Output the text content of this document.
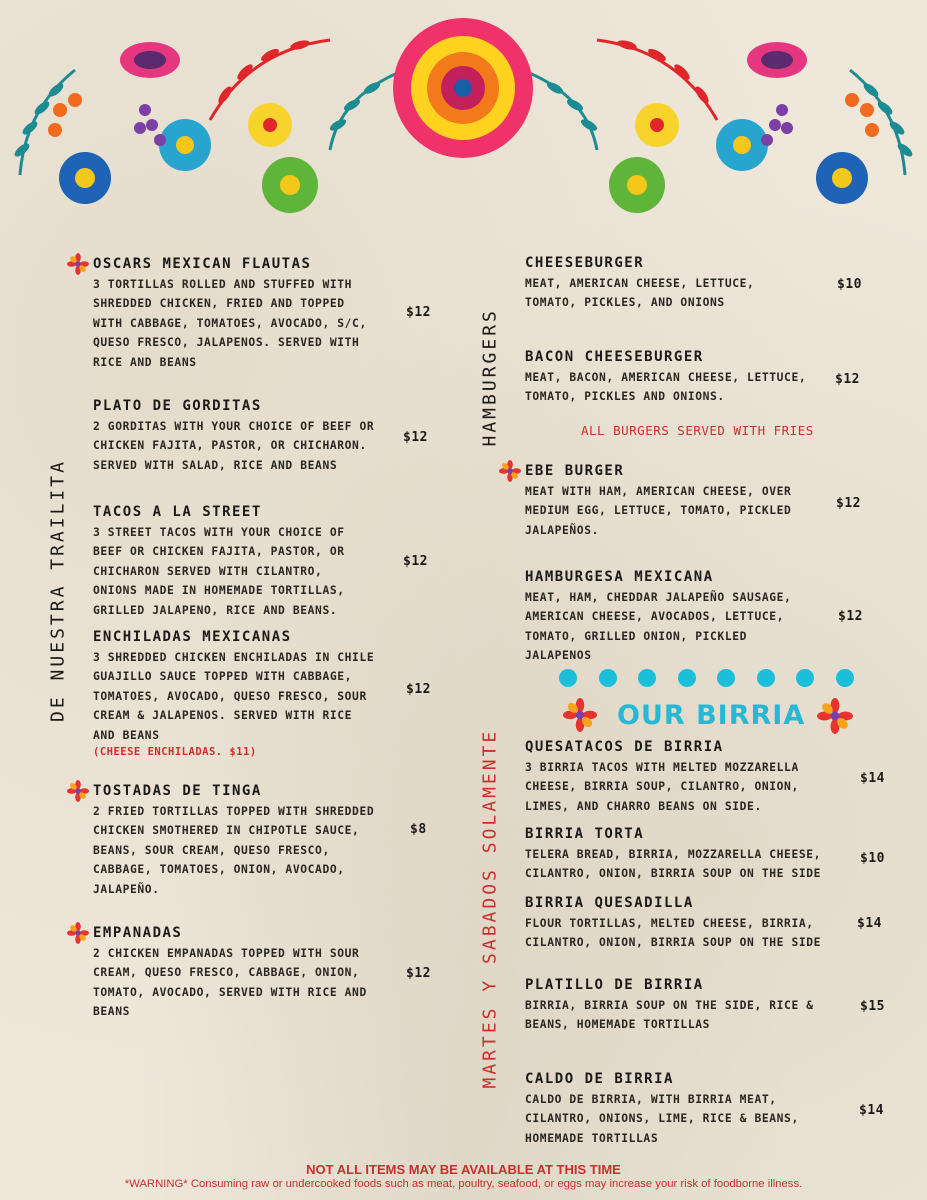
DE NUESTRA TRAILITA
HAMBURGERS
MARTES Y SABADOS SOLAMENTE
OSCARS MEXICAN FLAUTAS
3 TORTILLAS ROLLED AND STUFFED WITH
SHREDDED CHICKEN, FRIED AND TOPPED
WITH CABBAGE, TOMATOES, AVOCADO, S/C,
QUESO FRESCO, JALAPENOS. SERVED WITH
RICE AND BEANS
$12
PLATO DE GORDITAS
2 GORDITAS WITH YOUR CHOICE OF BEEF OR
CHICKEN FAJITA, PASTOR, OR CHICHARON.
SERVED WITH SALAD, RICE AND BEANS
$12
TACOS A LA STREET
3 STREET TACOS WITH YOUR CHOICE OF
BEEF OR CHICKEN FAJITA, PASTOR, OR
CHICHARON SERVED WITH CILANTRO,
ONIONS MADE IN HOMEMADE TORTILLAS,
GRILLED JALAPENO, RICE AND BEANS.
$12
ENCHILADAS MEXICANAS
3 SHREDDED CHICKEN ENCHILADAS IN CHILE
GUAJILLO SAUCE TOPPED WITH CABBAGE,
TOMATOES, AVOCADO, QUESO FRESCO, SOUR
CREAM & JALAPENOS. SERVED WITH RICE
AND BEANS
(CHEESE ENCHILADAS. $11)
$12
TOSTADAS DE TINGA
2 FRIED TORTILLAS TOPPED WITH SHREDDED
CHICKEN SMOTHERED IN CHIPOTLE SAUCE,
BEANS, SOUR CREAM, QUESO FRESCO,
CABBAGE, TOMATOES, ONION, AVOCADO,
JALAPEÑO.
$8
EMPANADAS
2 CHICKEN EMPANADAS TOPPED WITH SOUR
CREAM, QUESO FRESCO, CABBAGE, ONION,
TOMATO, AVOCADO, SERVED WITH RICE AND
BEANS
$12
CHEESEBURGER
MEAT, AMERICAN CHEESE, LETTUCE,
TOMATO, PICKLES, AND ONIONS
$10
BACON CHEESEBURGER
MEAT, BACON, AMERICAN CHEESE, LETTUCE,
TOMATO, PICKLES AND ONIONS.
$12
EBE BURGER
MEAT WITH HAM, AMERICAN CHEESE, OVER
MEDIUM EGG, LETTUCE, TOMATO, PICKLED
JALAPEÑOS.
$12
HAMBURGESA MEXICANA
MEAT, HAM, CHEDDAR JALAPEÑO SAUSAGE,
AMERICAN CHEESE, AVOCADOS, LETTUCE,
TOMATO, GRILLED ONION, PICKLED
JALAPENOS
$12
QUESATACOS DE BIRRIA
3 BIRRIA TACOS WITH MELTED MOZZARELLA
CHEESE, BIRRIA SOUP, CILANTRO, ONION,
LIMES, AND CHARRO BEANS ON SIDE.
$14
BIRRIA TORTA
TELERA BREAD, BIRRIA, MOZZARELLA CHEESE,
CILANTRO, ONION, BIRRIA SOUP ON THE SIDE
$10
BIRRIA QUESADILLA
FLOUR TORTILLAS, MELTED CHEESE, BIRRIA,
CILANTRO, ONION, BIRRIA SOUP ON THE SIDE
$14
PLATILLO DE BIRRIA
BIRRIA, BIRRIA SOUP ON THE SIDE, RICE &
BEANS, HOMEMADE TORTILLAS
$15
CALDO DE BIRRIA
CALDO DE BIRRIA, WITH BIRRIA MEAT,
CILANTRO, ONIONS, LIME, RICE & BEANS,
HOMEMADE TORTILLAS
$14
ALL BURGERS SERVED WITH FRIES
OUR BIRRIA
NOT ALL ITEMS MAY BE AVAILABLE AT THIS TIME
*WARNING* Consuming raw or undercooked foods such as meat, poultry, seafood, or eggs may increase your risk of foodborne illness.
